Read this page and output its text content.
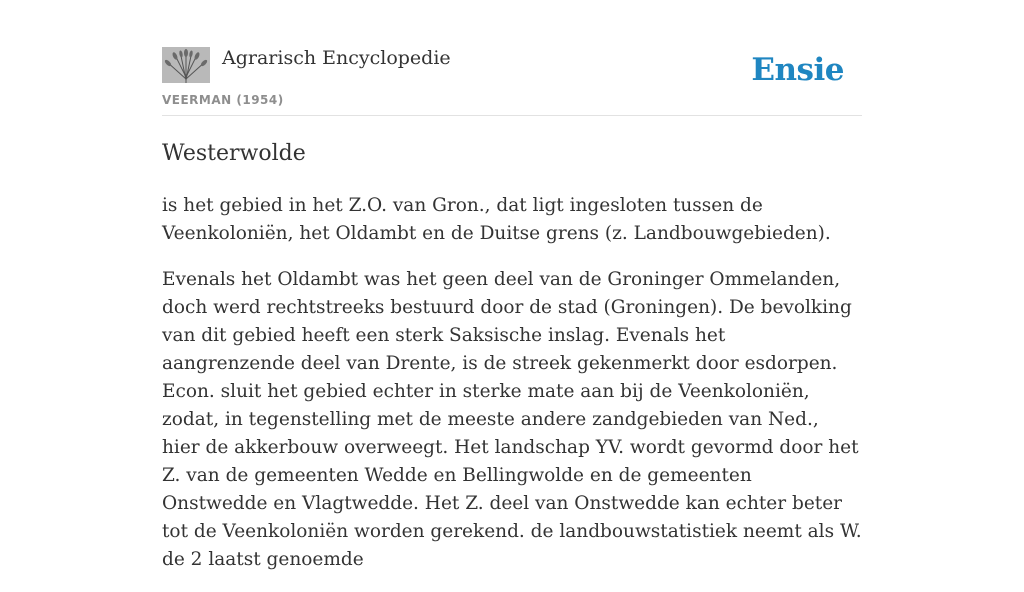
Agrarisch Encyclopedie
VEERMAN (1954)
Ensie
Westerwolde

is het gebied in het Z.O. van Gron., dat ligt ingesloten tussen de Veenkoloniën, het Oldambt en de Duitse grens (z. Landbouwgebieden).

Evenals het Oldambt was het geen deel van de Groninger Ommelanden, doch werd rechtstreeks bestuurd door de stad (Groningen). De bevolking van dit gebied heeft een sterk Saksische inslag. Evenals het aangrenzende deel van Drente, is de streek gekenmerkt door esdorpen. Econ. sluit het gebied echter in sterke mate aan bij de Veenkoloniën, zodat, in tegenstelling met de meeste andere zandgebieden van Ned., hier de akkerbouw overweegt. Het landschap YV. wordt gevormd door het Z. van de gemeenten Wedde en Bellingwolde en de gemeenten Onstwedde en Vlagtwedde. Het Z. deel van Onstwedde kan echter beter tot de Veenkoloniën worden gerekend. de landbouwstatistiek neemt als W. de 2 laatst genoemde
